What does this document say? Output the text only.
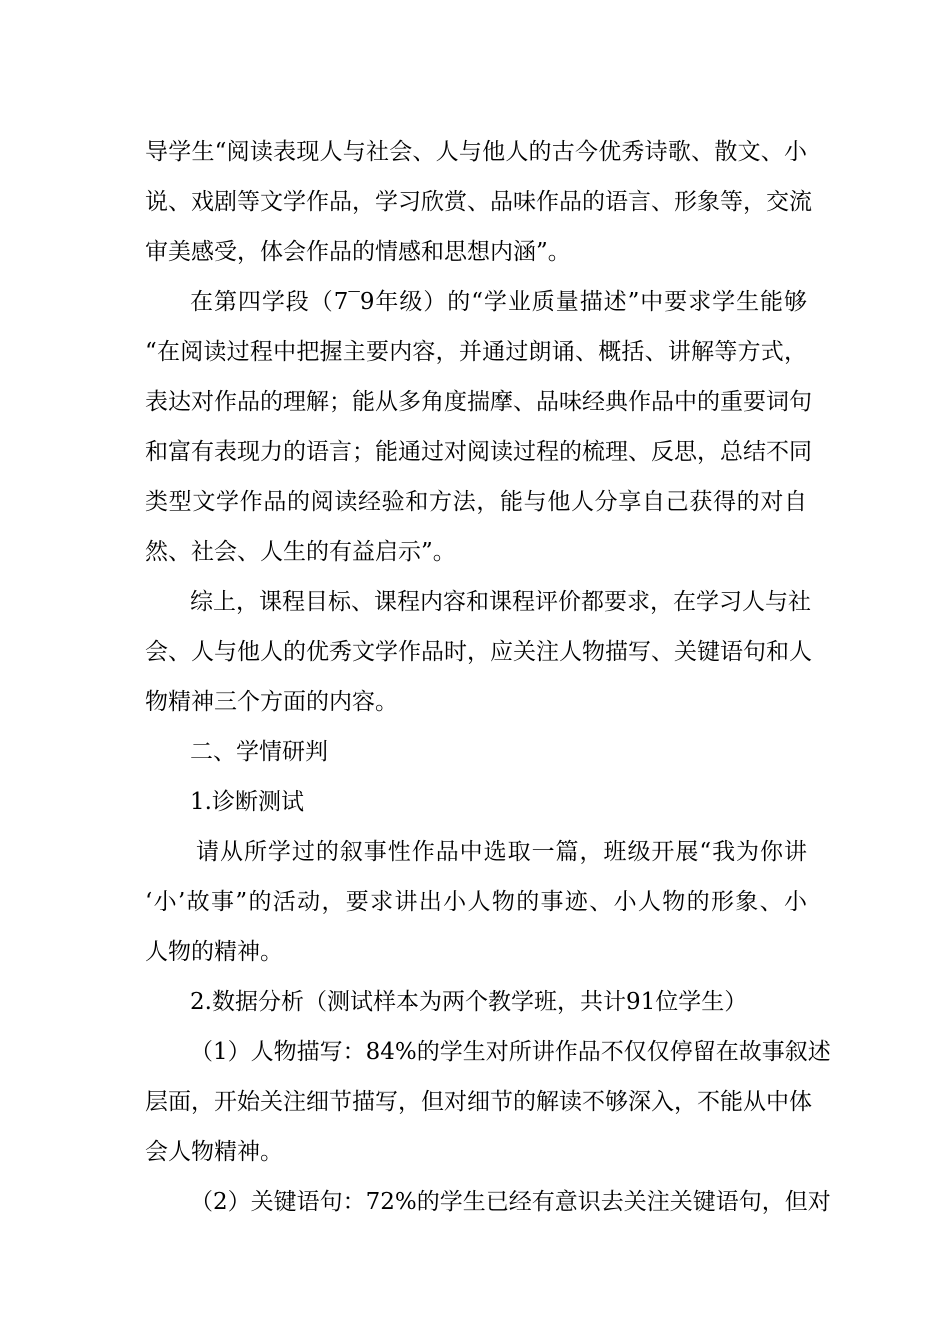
导学生“阅读表现人与社会、人与他人的古今优秀诗歌、散文、小
说、戏剧等文学作品，学习欣赏、品味作品的语言、形象等，交流
审美感受，体会作品的情感和思想内涵”。
在第四学段（7‾9年级）的“学业质量描述”中要求学生能够
“在阅读过程中把握主要内容，并通过朗诵、概括、讲解等方式，
表达对作品的理解；能从多角度揣摩、品味经典作品中的重要词句
和富有表现力的语言；能通过对阅读过程的梳理、反思，总结不同
类型文学作品的阅读经验和方法，能与他人分享自己获得的对自
然、社会、人生的有益启示”。
综上，课程目标、课程内容和课程评价都要求，在学习人与社
会、人与他人的优秀文学作品时，应关注人物描写、关键语句和人
物精神三个方面的内容。
二、学情研判
1.诊断测试
请从所学过的叙事性作品中选取一篇，班级开展“我为你讲
‘小’故事”的活动，要求讲出小人物的事迹、小人物的形象、小
人物的精神。
2.数据分析（测试样本为两个教学班，共计91位学生）
（1）人物描写：84%的学生对所讲作品不仅仅停留在故事叙述
层面，开始关注细节描写，但对细节的解读不够深入，不能从中体
会人物精神。
（2）关键语句：72%的学生已经有意识去关注关键语句，但对
